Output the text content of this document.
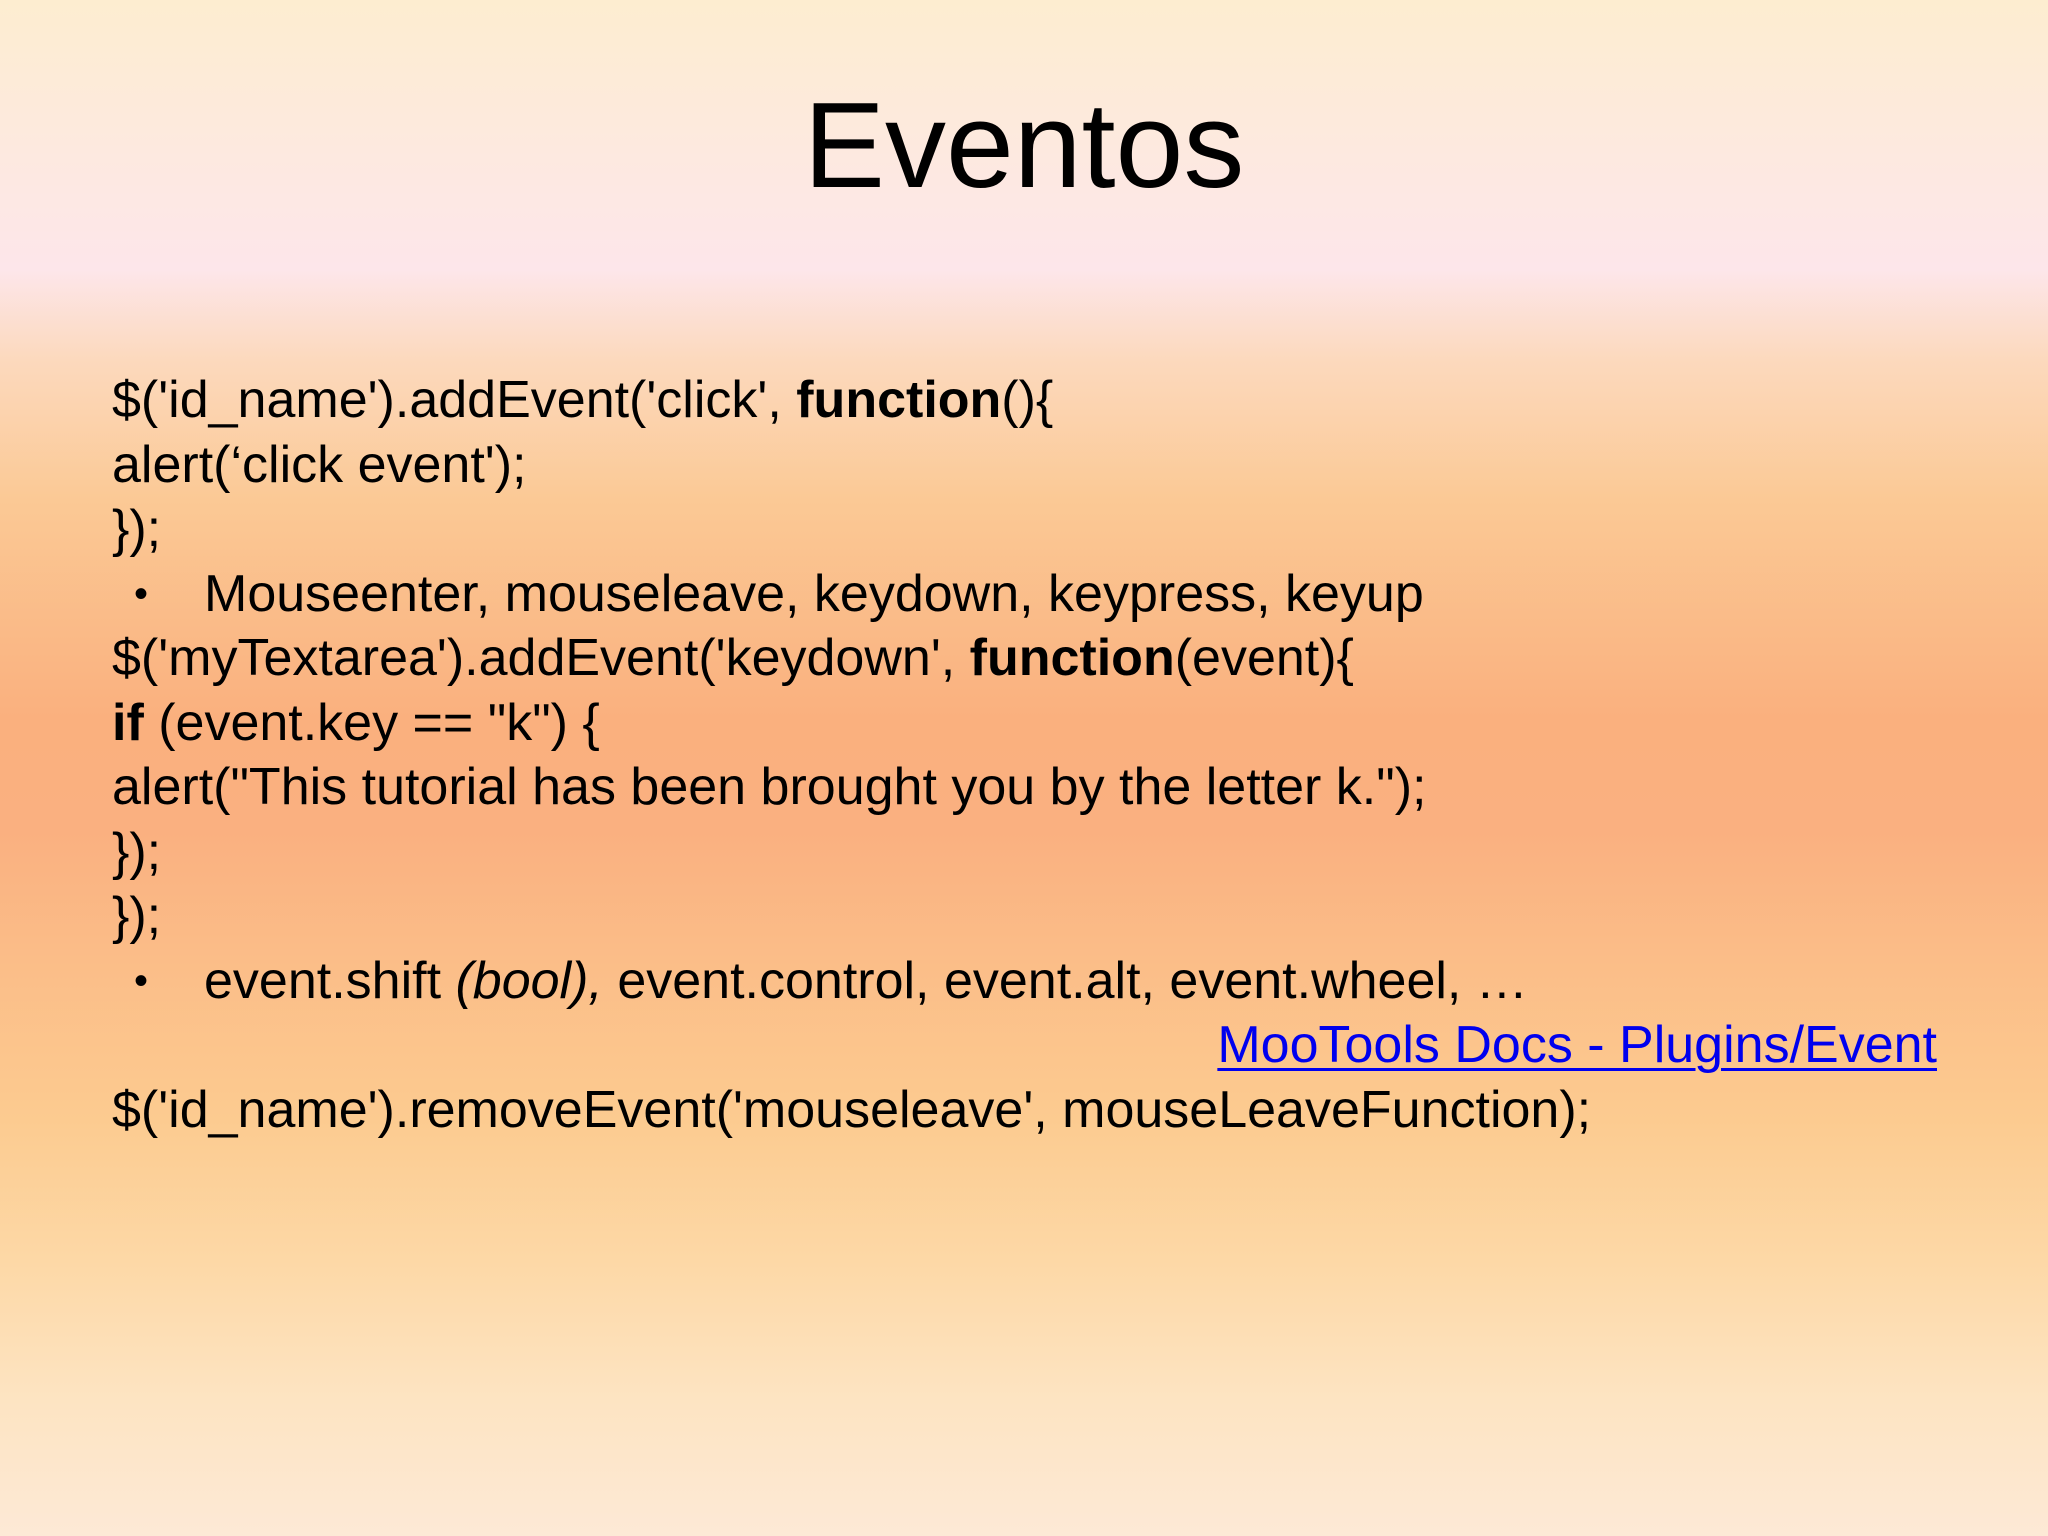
Eventos
$('id_name').addEvent('click', function(){
alert(‘click event');
});
• Mouseenter, mouseleave, keydown, keypress, keyup
$('myTextarea').addEvent('keydown', function(event){
if (event.key == "k") {
alert("This tutorial has been brought you by the letter k.");
});
});
• event.shift (bool), event.control, event.alt, event.wheel, …
MooTools Docs - Plugins/Event
$('id_name').removeEvent('mouseleave', mouseLeaveFunction);
